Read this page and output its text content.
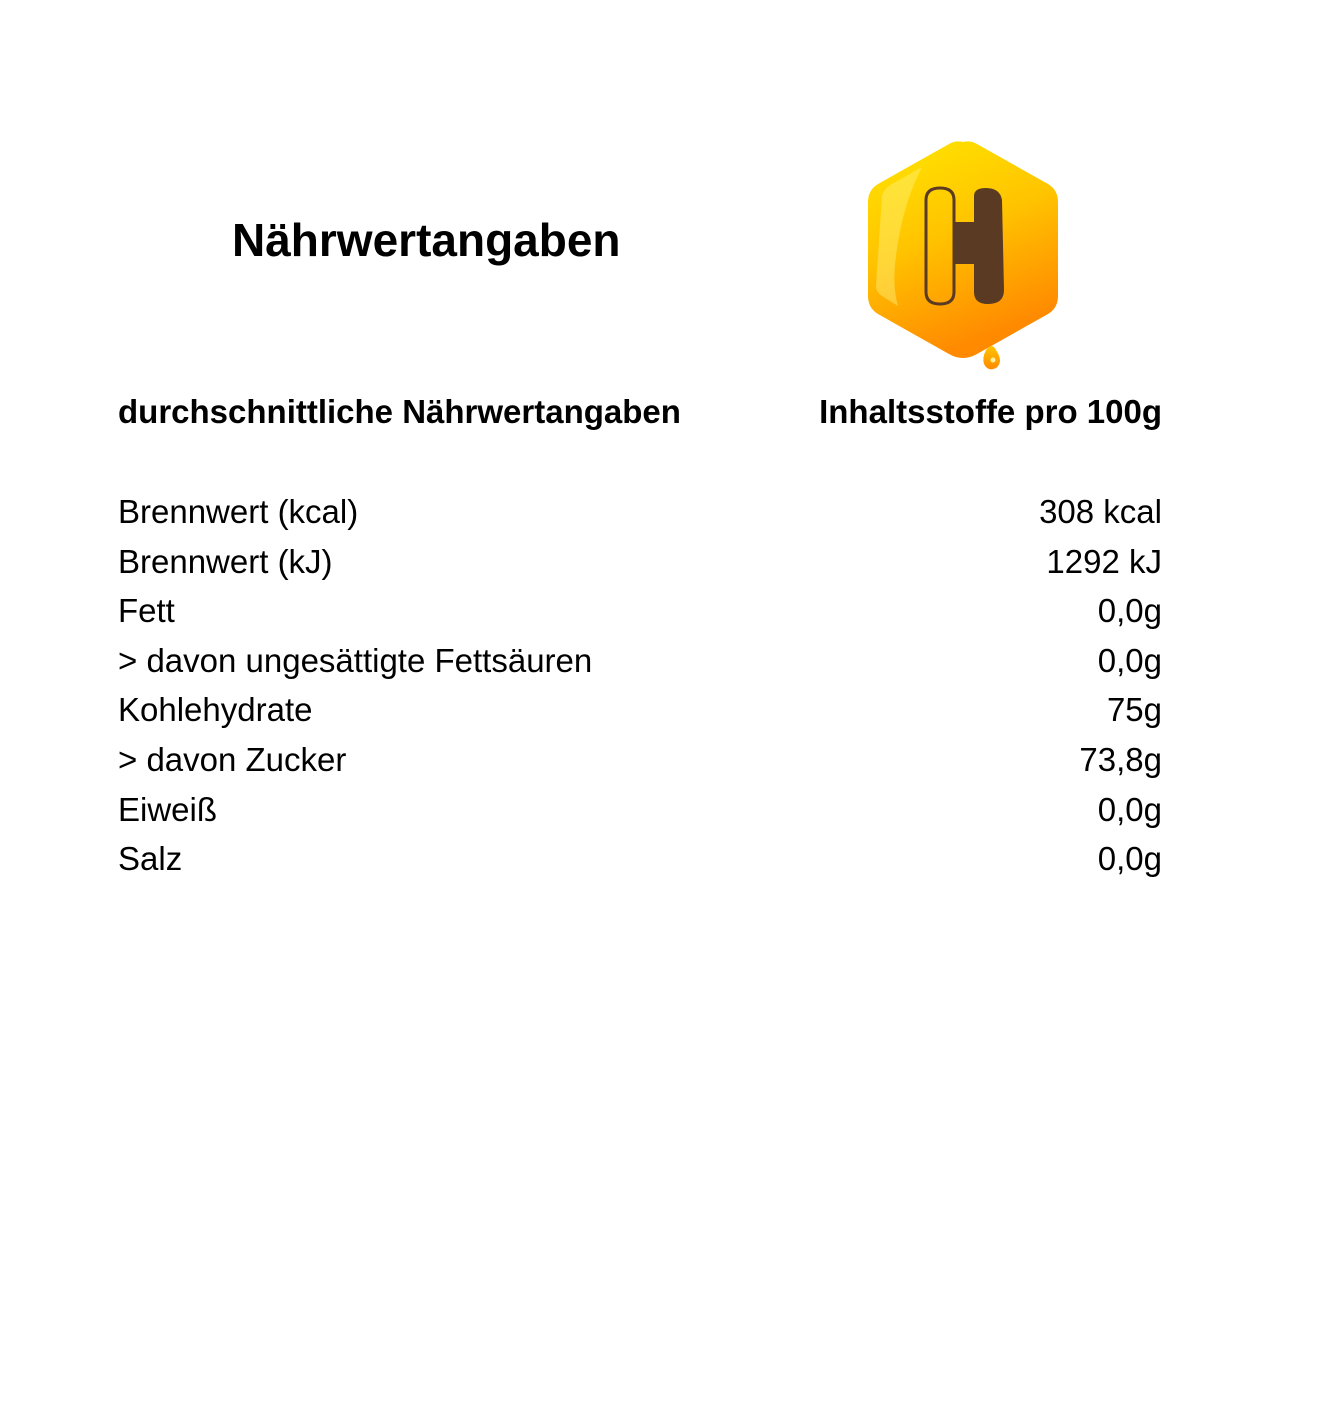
Nährwertangaben
durchschnittliche Nährwertangaben	Inhaltsstoffe pro 100g
Brennwert (kcal)	308 kcal
Brennwert (kJ)	1292 kJ
Fett	0,0g
> davon ungesättigte Fettsäuren	0,0g
Kohlehydrate	75g
> davon Zucker	73,8g
Eiweiß	0,0g
Salz	0,0g
